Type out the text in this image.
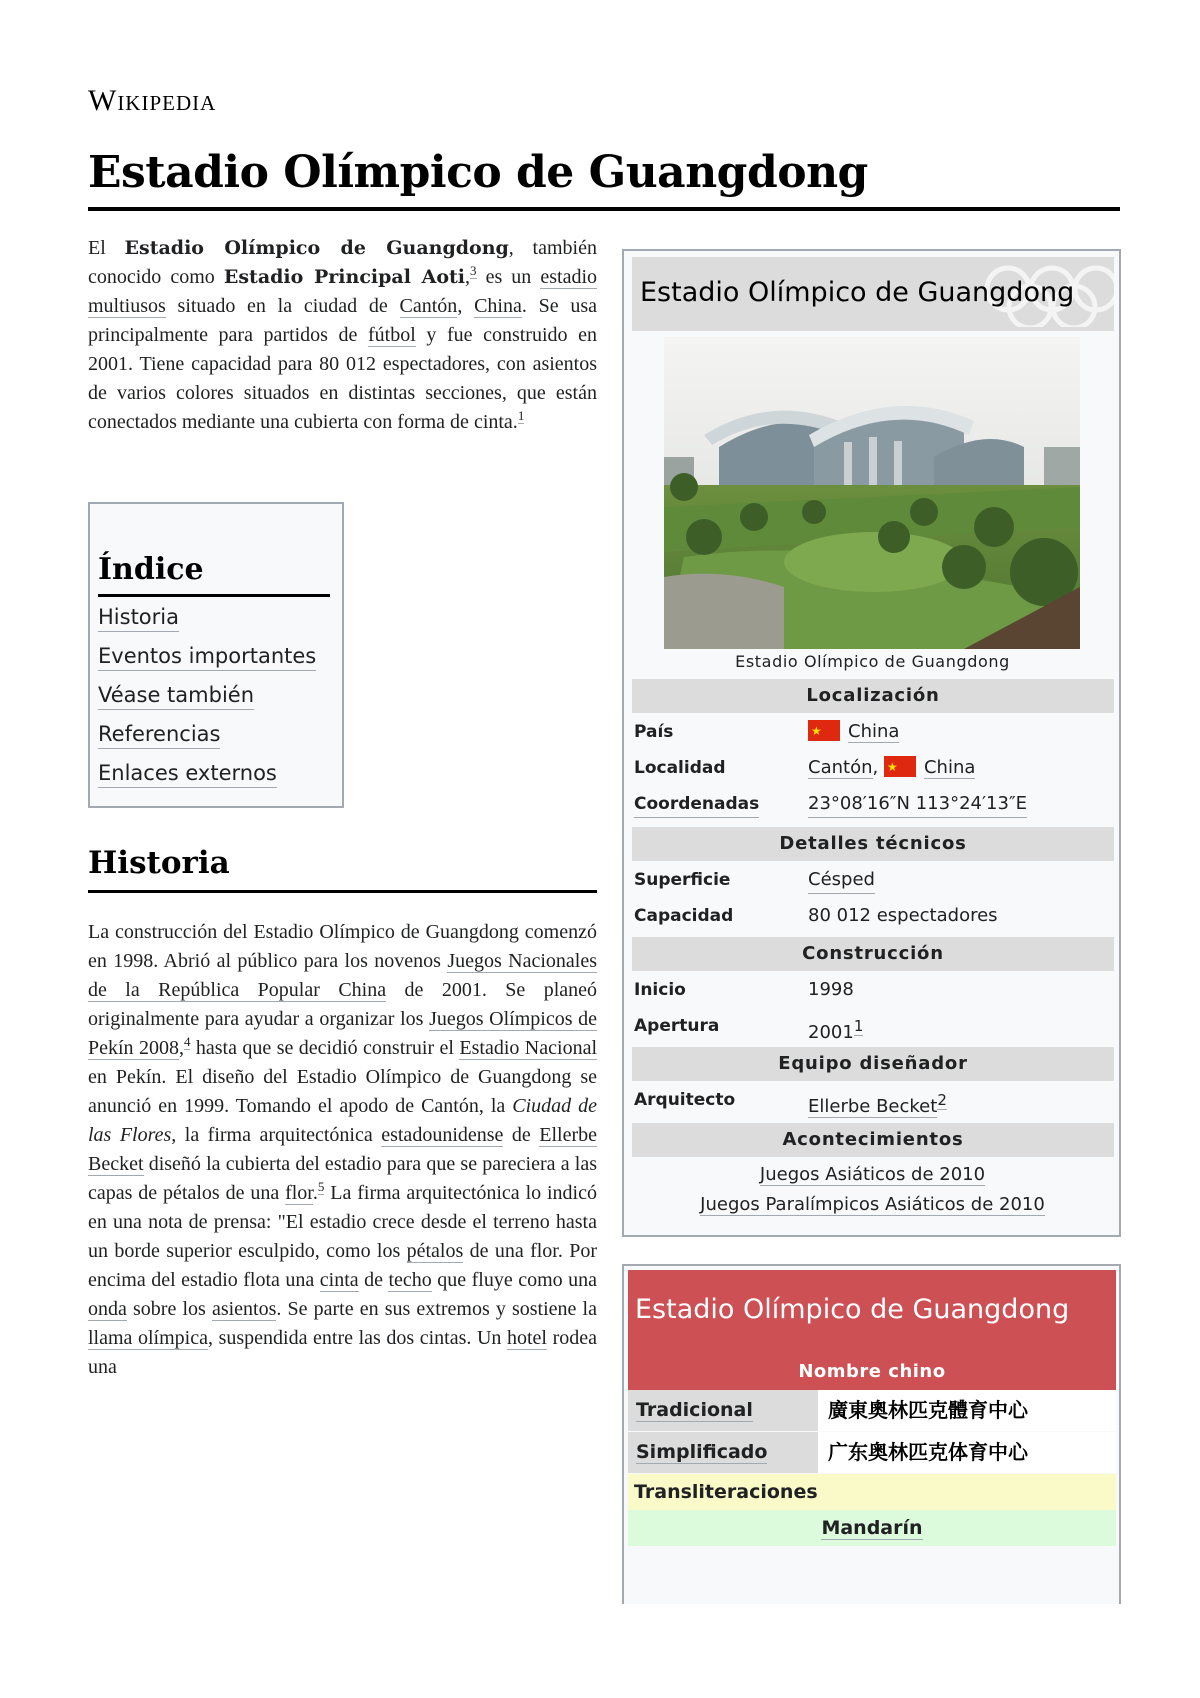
Wikipedia
Estadio Olímpico de Guangdong

El Estadio Olímpico de Guangdong, también conocido como Estadio Principal Aoti,$^3$ es un estadio multiusos situado en la ciudad de Cantón, China. Se usa principalmente para partidos de fútbol y fue construido en 2001. Tiene capacidad para 80 012 espectadores, con asientos de varios colores situados en distintas secciones, que están conectados mediante una cubierta con forma de cinta.$^1$

Índice
Historia
Eventos importantes
Véase también
Referencias
Enlaces externos
Historia

La construcción del Estadio Olímpico de Guangdong comenzó en 1998. Abrió al público para los novenos Juegos Nacionales de la República Popular China de 2001. Se planeó originalmente para ayudar a organizar los Juegos Olímpicos de Pekín 2008,$^4$ hasta que se decidió construir el Estadio Nacional en Pekín. El diseño del Estadio Olímpico de Guangdong se anunció en 1999. Tomando el apodo de Cantón, la Ciudad de las Flores, la firma arquitectónica estadounidense de Ellerbe Becket diseñó la cubierta del estadio para que se pareciera a las capas de pétalos de una flor.$^5$ La firma arquitectónica lo indicó en una nota de prensa: "El estadio crece desde el terreno hasta un borde superior esculpido, como los pétalos de una flor. Por encima del estadio flota una cinta de techo que fluye como una onda sobre los asientos. Se parte en sus extremos y sostiene la llama olímpica, suspendida entre las dos cintas. Un hotel rodea una

Estadio Olímpico de Guangdong
Estadio Olímpico de Guangdong
Localización
País ★	China
Localidad	Cantón, ★	China
Coordenadas	23°08′16″N 113°24′13″E
Detalles técnicos
Superficie	Césped
Capacidad	80 012 espectadores
Construcción
Inicio	1998
Apertura	2001$^1$
Equipo diseñador
Arquitecto	Ellerbe Becket$^2$
Acontecimientos
Juegos Asiáticos de 2010
Juegos Paralímpicos Asiáticos de 2010
Estadio Olímpico de Guangdong
Nombre chino
Tradicional	廣東奧林匹克體育中心
Simplificado	广东奥林匹克体育中心
Transliteraciones
Mandarín
